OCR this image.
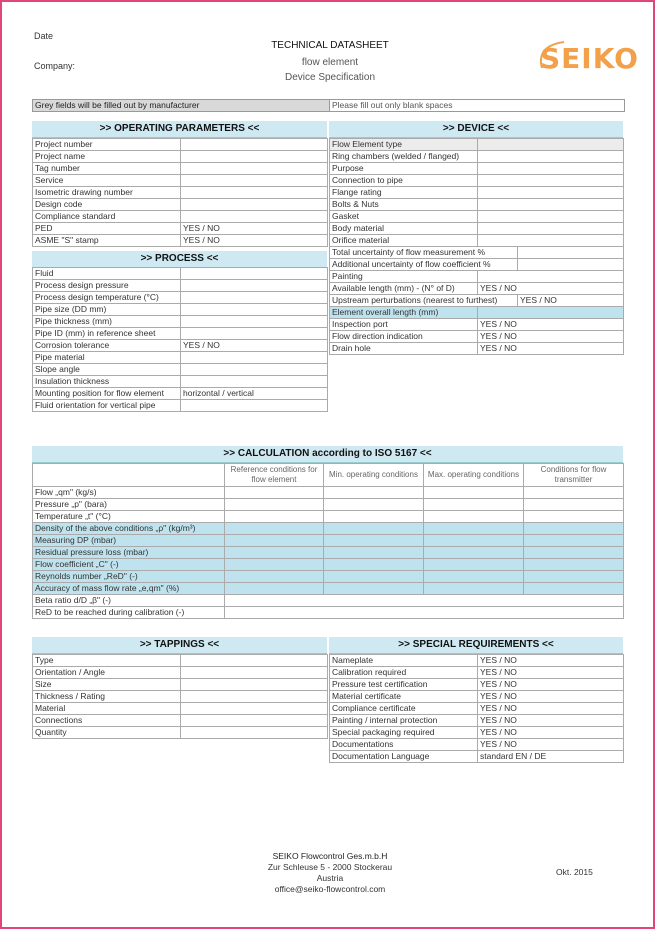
Date
Company:
TECHNICAL DATASHEET
flow element
Device Specification
SEIKO
Grey fields will be filled out by manufacturer	Please fill out only blank spaces
>> OPERATING PARAMETERS <<
Project number	
Project name	
Tag number	
Service	
Isometric drawing number	
Design code	
Compliance standard	
PED	YES / NO
ASME "S" stamp	YES / NO
>> PROCESS <<
Fluid	
Process design pressure	
Process design temperature (°C)	
Pipe size (DD mm)	
Pipe thickness (mm)	
Pipe ID (mm) in reference sheet	
Corrosion tolerance	YES / NO
Pipe material	
Slope angle	
Insulation thickness	
Mounting position for flow element	horizontal / vertical
Fluid orientation for vertical pipe	
>> DEVICE <<
Flow Element type		
Ring chambers (welded / flanged)		
Purpose		
Connection to pipe		
Flange rating		
Bolts & Nuts		
Gasket		
Body material		
Orifice material		
Total uncertainty of flow measurement %		
Additional uncertainty of flow coefficient %		
Painting		
Available length (mm) - (N° of D)	YES / NO	
Upstream perturbations (nearest to furthest)		YES / NO
Element overall length (mm)		
Inspection port	YES / NO	
Flow direction indication	YES / NO	
Drain hole	YES / NO	
>> CALCULATION according to ISO 5167 <<
	Reference conditions for flow element	Min. operating conditions	Max. operating conditions	Conditions for flow transmitter
Flow „qm" (kg/s)				
Pressure „p" (bara)				
Temperature „t" (°C)				
Density of the above conditions „ρ" (kg/m³)				
Measuring DP (mbar)				
Residual pressure loss (mbar)				
Flow coefficient „C" (-)				
Reynolds number „ReD" (-)				
Accuracy of mass flow rate „e,qm" (%)				
Beta ratio d/D „β" (-)				
ReD to be reached during calibration (-)				
>> TAPPINGS <<
Type	
Orientation / Angle	
Size	
Thickness / Rating	
Material	
Connections	
Quantity	
>> SPECIAL REQUIREMENTS <<
Nameplate	YES / NO
Calibration required	YES / NO
Pressure test certification	YES / NO
Material certificate	YES / NO
Compliance certificate	YES / NO
Painting / internal protection	YES / NO
Special packaging required	YES / NO
Documentations	YES / NO
Documentation Language	standard EN / DE
SEIKO Flowcontrol Ges.m.b.H
Zur Schleuse 5 - 2000 Stockerau
Austria
office@seiko-flowcontrol.com
Okt. 2015
